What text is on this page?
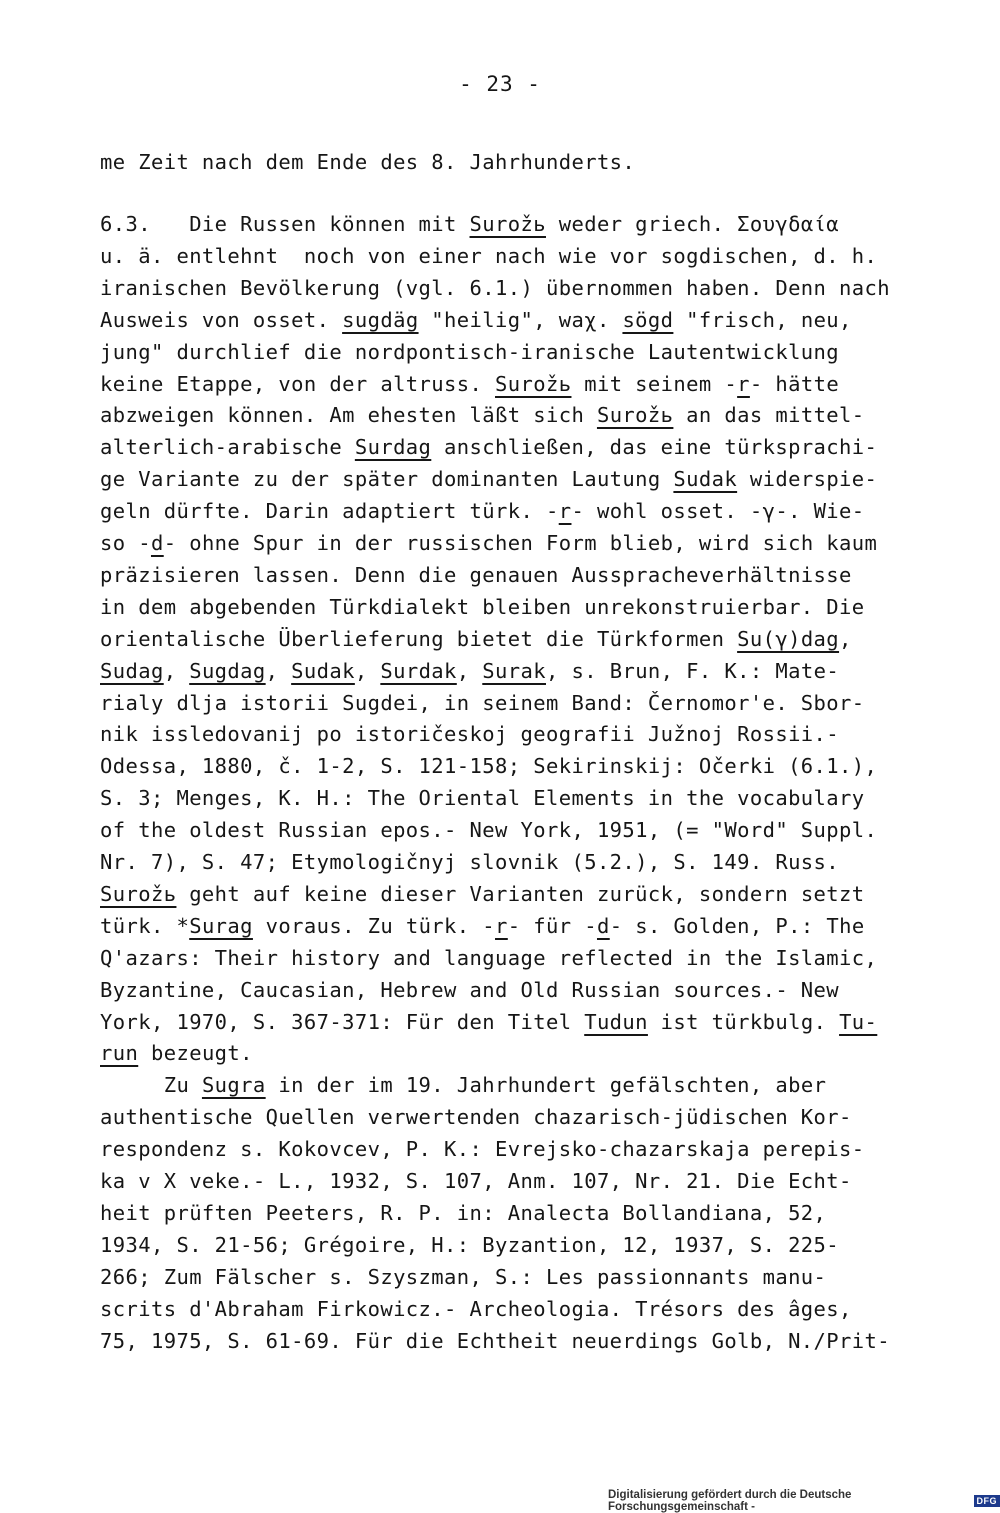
- 23 -
me Zeit nach dem Ende des 8. Jahrhunderts.
6.3.   Die Russen können mit Surožь weder griech. Σουγδαία
u. ä. entlehnt  noch von einer nach wie vor sogdischen, d. h.
iranischen Bevölkerung (vgl. 6.1.) übernommen haben. Denn nach
Ausweis von osset. sugdäg "heilig", waχ. sögd "frisch, neu,
jung" durchlief die nordpontisch-iranische Lautentwicklung
keine Etappe, von der altruss. Surožь mit seinem -r- hätte
abzweigen können. Am ehesten läßt sich Surožь an das mittel-
alterlich-arabische Surdag anschließen, das eine türksprachi-
ge Variante zu der später dominanten Lautung Sudak widerspie-
geln dürfte. Darin adaptiert türk. -r- wohl osset. -γ-. Wie-
so -d- ohne Spur in der russischen Form blieb, wird sich kaum
präzisieren lassen. Denn die genauen Ausspracheverhältnisse
in dem abgebenden Türkdialekt bleiben unrekonstruierbar. Die
orientalische Überlieferung bietet die Türkformen Su(γ)dag,
Sudag, Sugdag, Sudak, Surdak, Surak, s. Brun, F. K.: Mate-
rialy dlja istorii Sugdei, in seinem Band: Černomor'e. Sbor-
nik issledovanij po istoričeskoj geografii Južnoj Rossii.-
Odessa, 1880, č. 1-2, S. 121-158; Sekirinskij: Očerki (6.1.),
S. 3; Menges, K. H.: The Oriental Elements in the vocabulary
of the oldest Russian epos.- New York, 1951, (= "Word" Suppl.
Nr. 7), S. 47; Etymologičnyj slovnik (5.2.), S. 149. Russ.
Surožь geht auf keine dieser Varianten zurück, sondern setzt
türk. *Surag voraus. Zu türk. -r- für -d- s. Golden, P.: The
Q'azars: Their history and language reflected in the Islamic,
Byzantine, Caucasian, Hebrew and Old Russian sources.- New
York, 1970, S. 367-371: Für den Titel Tudun ist türkbulg. Tu-
run bezeugt.
Zu Sugra in der im 19. Jahrhundert gefälschten, aber
authentische Quellen verwertenden chazarisch-jüdischen Kor-
respondenz s. Kokovcev, P. K.: Evrejsko-chazarskaja perepis-
ka v X veke.- L., 1932, S. 107, Anm. 107, Nr. 21. Die Echt-
heit prüften Peeters, R. P. in: Analecta Bollandiana, 52,
1934, S. 21-56; Grégoire, H.: Byzantion, 12, 1937, S. 225-
266; Zum Fälscher s. Szyszman, S.: Les passionnants manu-
scrits d'Abraham Firkowicz.- Archeologia. Trésors des âges,
75, 1975, S. 61-69. Für die Echtheit neuerdings Golb, N./Prit-
Digitalisierung gefördert durch die Deutsche Forschungsgemeinschaft -	DFG
